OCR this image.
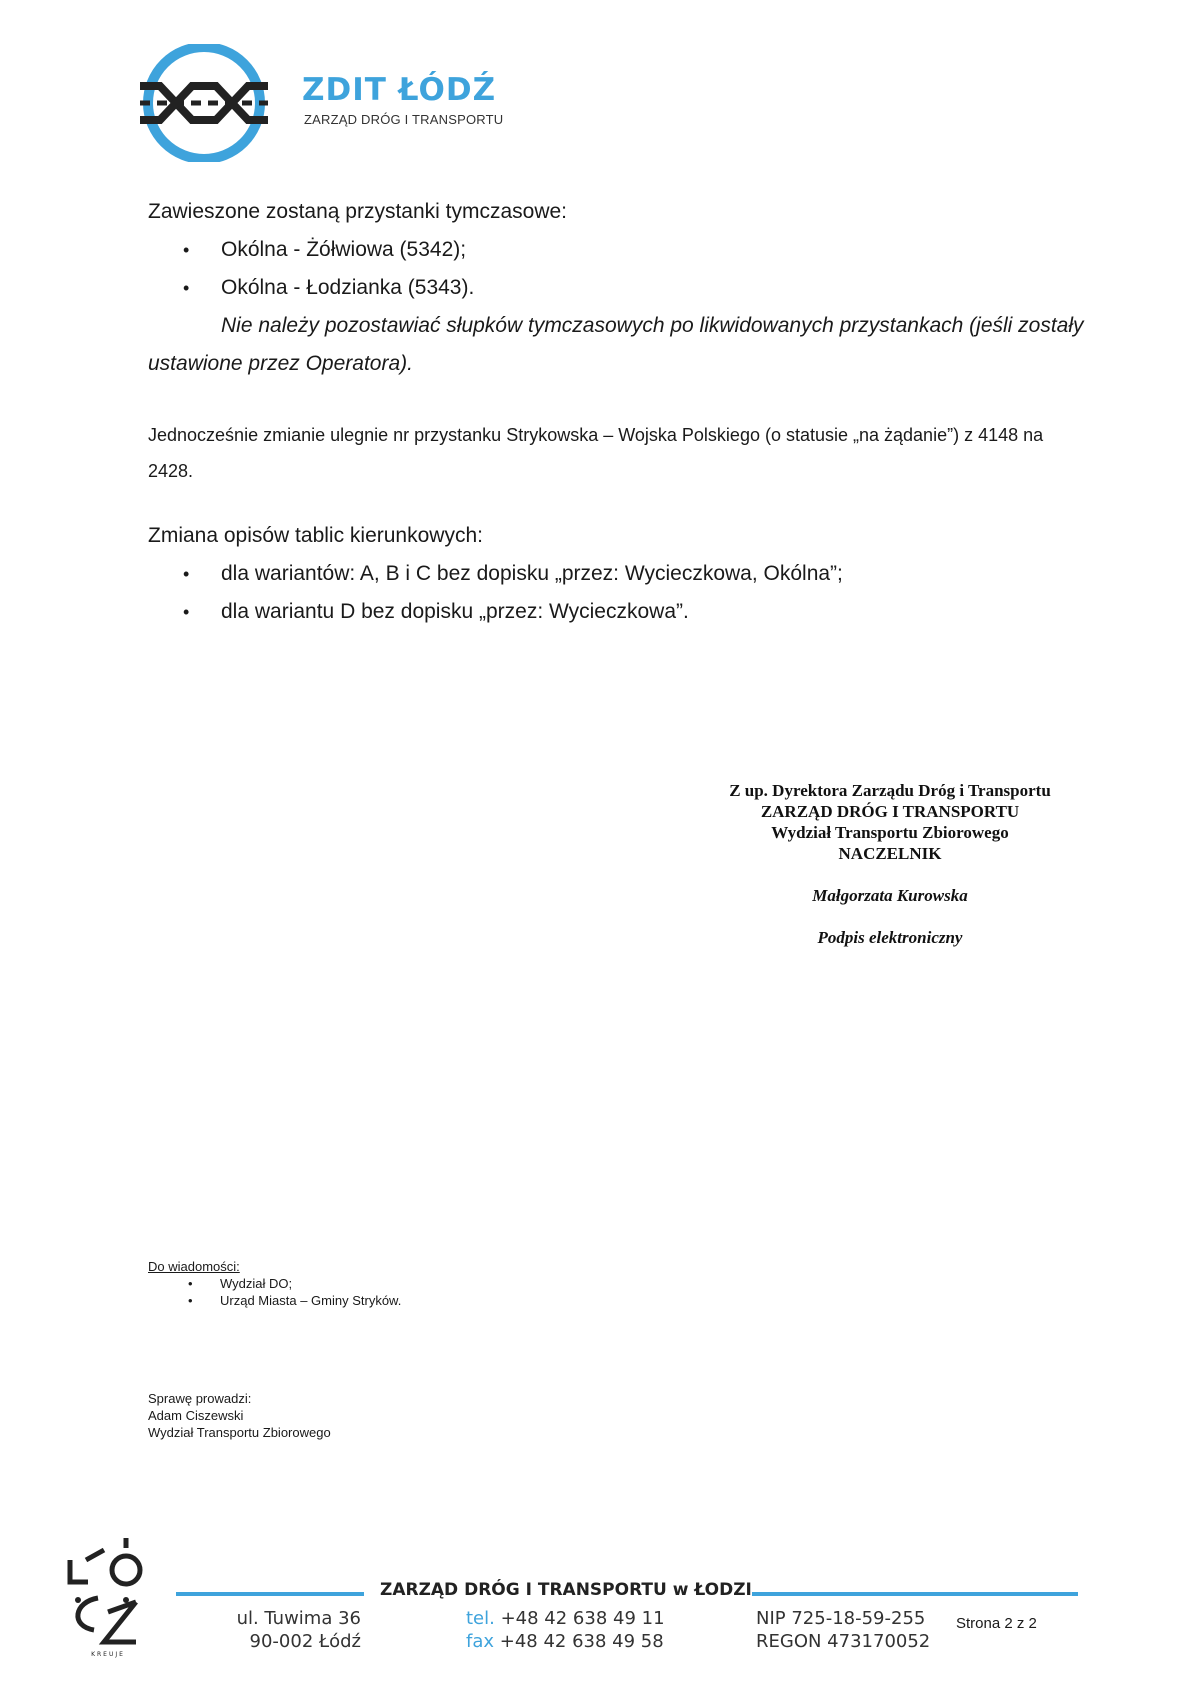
ZDIT ŁÓDŹ
ZARZĄD DRÓG I TRANSPORTU

Zawieszone zostaną przystanki tymczasowe:

• Okólna - Żółwiowa (5342);
• Okólna - Łodzianka (5343).

Nie należy pozostawiać słupków tymczasowych po likwidowanych przystankach (jeśli zostały ustawione przez Operatora).

Jednocześnie zmianie ulegnie nr przystanku Strykowska – Wojska Polskiego (o statusie „na żądanie”) z 4148 na 2428.

Zmiana opisów tablic kierunkowych:

• dla wariantów: A, B i C bez dopisku „przez: Wycieczkowa, Okólna”;
• dla wariantu D bez dopisku „przez: Wycieczkowa”.
Z up. Dyrektora Zarządu Dróg i Transportu
ZARZĄD DRÓG I TRANSPORTU
Wydział Transportu Zbiorowego
NACZELNIK
Małgorzata Kurowska
Podpis elektroniczny
Do wiadomości:
• Wydział DO;
• Urząd Miasta – Gminy Stryków.
Sprawę prowadzi:
Adam Ciszewski
Wydział Transportu Zbiorowego
KREUJE
ZARZĄD DRÓG I TRANSPORTU w ŁODZI
ul. Tuwima 36
90-002 Łódź
tel. +48 42 638 49 11
fax +48 42 638 49 58
NIP 725-18-59-255
REGON 473170052
Strona 2 z 2
